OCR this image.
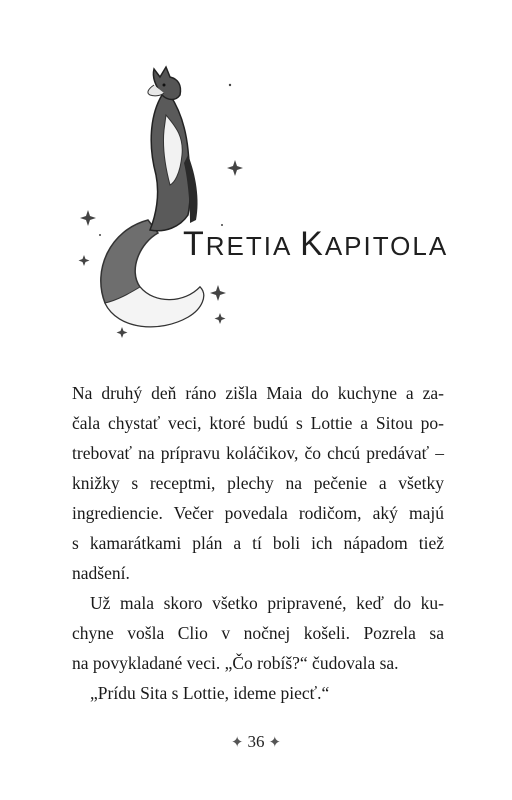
TRETIA KAPITOLA

Na druhý deň ráno zišla Maia do kuchyne a za-
čala chystať veci, ktoré budú s Lottie a Sitou po-
trebovať na prípravu koláčikov, čo chcú predávať –
knižky s receptmi, plechy na pečenie a všetky
ingrediencie. Večer povedala rodičom, aký majú
s kamarátkami plán a tí boli ich nápadom tiež
nadšení.

Už mala skoro všetko pripravené, keď do ku-
chyne vošla Clio v nočnej košeli. Pozrela sa
na povykladané veci. „Čo robíš?“ čudovala sa.

„Prídu Sita s Lottie, ideme piecť.“

✦ 36 ✦
